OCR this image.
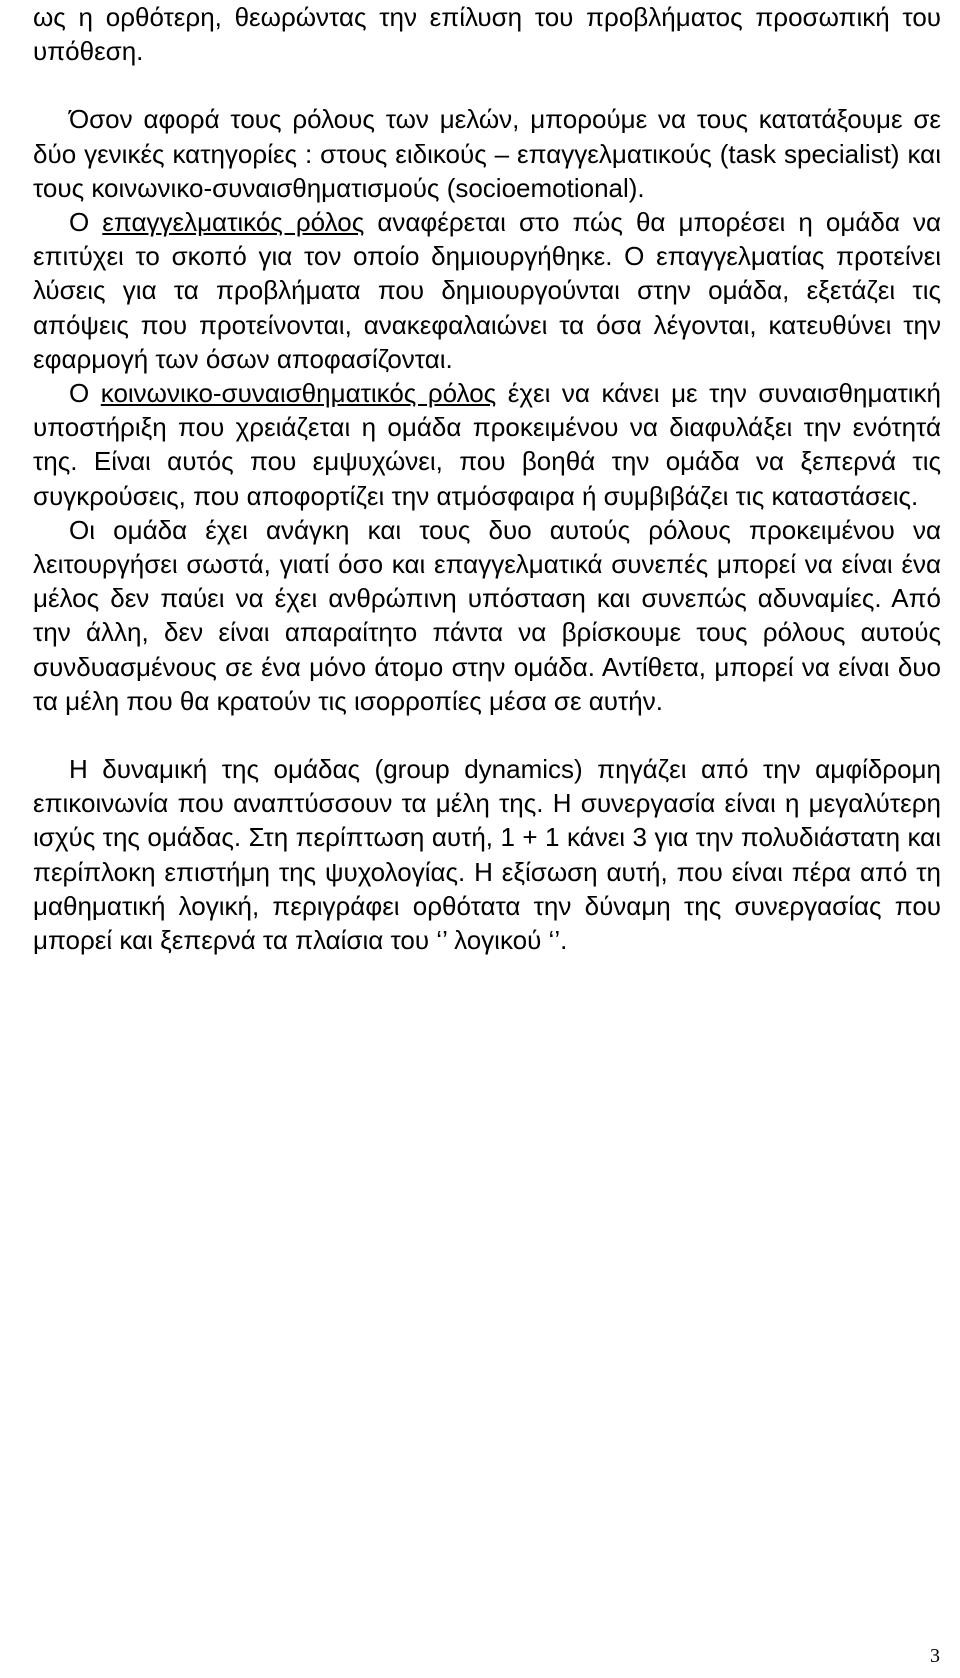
ως η ορθότερη, θεωρώντας την επίλυση του προβλήματος προσωπική του υπόθεση.

Όσον αφορά τους ρόλους των μελών, μπορούμε να τους κατατάξουμε σε δύο γενικές κατηγορίες : στους ειδικούς – επαγγελματικούς (task specialist) και τους κοινωνικο-συναισθηματισμούς (socioemotional).

Ο επαγγελματικός ρόλος αναφέρεται στο πώς θα μπορέσει η ομάδα να επιτύχει το σκοπό για τον οποίο δημιουργήθηκε. Ο επαγγελματίας προτείνει λύσεις για τα προβλήματα που δημιουργούνται στην ομάδα, εξετάζει τις απόψεις που προτείνονται, ανακεφαλαιώνει τα όσα λέγονται, κατευθύνει την εφαρμογή των όσων αποφασίζονται.

Ο κοινωνικο-συναισθηματικός ρόλος έχει να κάνει με την συναισθηματική υποστήριξη που χρειάζεται η ομάδα προκειμένου να διαφυλάξει την ενότητά της. Είναι αυτός που εμψυχώνει, που βοηθά την ομάδα να ξεπερνά τις συγκρούσεις, που αποφορτίζει την ατμόσφαιρα ή συμβιβάζει τις καταστάσεις.

Οι ομάδα έχει ανάγκη και τους δυο αυτούς ρόλους προκειμένου να λειτουργήσει σωστά, γιατί όσο και επαγγελματικά συνεπές μπορεί να είναι ένα μέλος δεν παύει να έχει ανθρώπινη υπόσταση και συνεπώς αδυναμίες. Από την άλλη, δεν είναι απαραίτητο πάντα να βρίσκουμε τους ρόλους αυτούς συνδυασμένους σε ένα μόνο άτομο στην ομάδα. Αντίθετα, μπορεί να είναι δυο τα μέλη που θα κρατούν τις ισορροπίες μέσα σε αυτήν.

Η δυναμική της ομάδας (group dynamics) πηγάζει από την αμφίδρομη επικοινωνία που αναπτύσσουν τα μέλη της. Η συνεργασία είναι η μεγαλύτερη ισχύς της ομάδας. Στη περίπτωση αυτή, 1 + 1 κάνει 3 για την πολυδιάστατη και περίπλοκη επιστήμη της ψυχολογίας. Η εξίσωση αυτή, που είναι πέρα από τη μαθηματική λογική, περιγράφει ορθότατα την δύναμη της συνεργασίας που μπορεί και ξεπερνά τα πλαίσια του ‘’ λογικού ‘’.

3
